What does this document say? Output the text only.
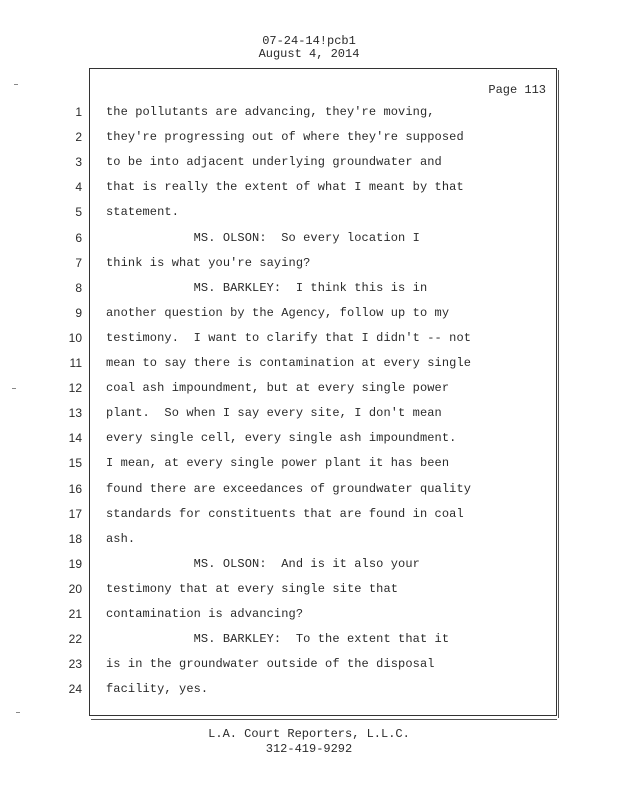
07-24-14!pcb1
August 4, 2014
Page 113
1 the pollutants are advancing, they're moving,
2 they're progressing out of where they're supposed
3 to be into adjacent underlying groundwater and
4 that is really the extent of what I meant by that
5 statement.
6 MS. OLSON:  So every location I
7 think is what you're saying?
8 MS. BARKLEY:  I think this is in
9 another question by the Agency, follow up to my
10 testimony.  I want to clarify that I didn't -- not
11 mean to say there is contamination at every single
12 coal ash impoundment, but at every single power
13 plant.  So when I say every site, I don't mean
14 every single cell, every single ash impoundment.
15 I mean, at every single power plant it has been
16 found there are exceedances of groundwater quality
17 standards for constituents that are found in coal
18 ash.
19 MS. OLSON:  And is it also your
20 testimony that at every single site that
21 contamination is advancing?
22 MS. BARKLEY:  To the extent that it
23 is in the groundwater outside of the disposal
24 facility, yes.
L.A. Court Reporters, L.L.C.
312-419-9292
